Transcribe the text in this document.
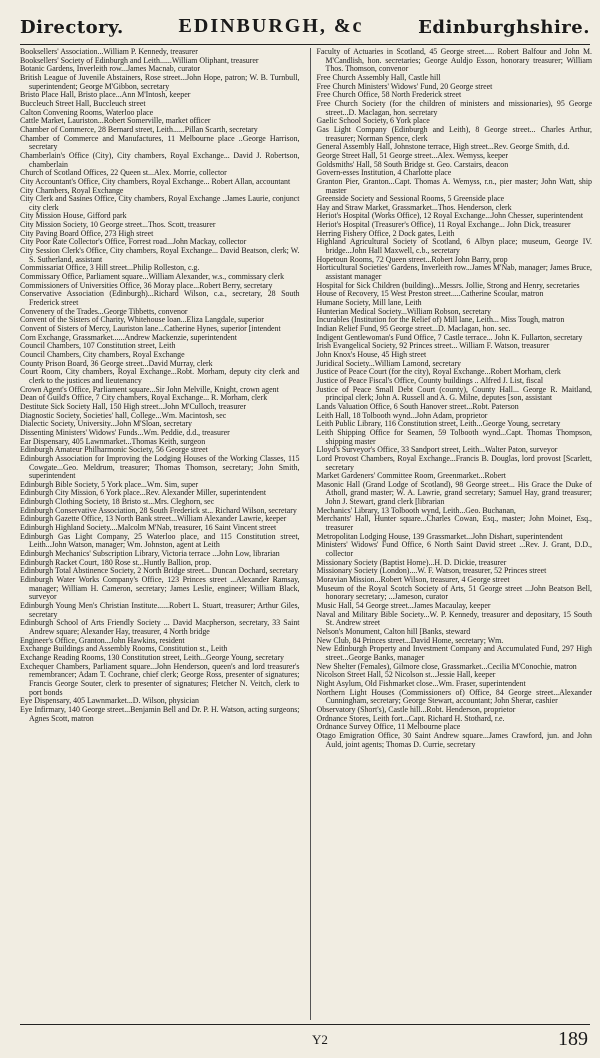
Directory.	EDINBURGH, &c	Edinburghshire.

Booksellers' Association...William P. Kennedy, treasurer

Booksellers' Society of Edinburgh and Leith......William Oliphant, treasurer

Botanic Gardens, Inverleith row...James Macnab, curator

British League of Juvenile Abstainers, Rose street...John Hope, patron; W. B. Turnbull, superintendent; George M'Gibbon, secretary

Bristo Place Hall, Bristo place...Ann M'Intosh, keeper

Buccleuch Street Hall, Buccleuch street

Calton Convening Rooms, Waterloo place

Cattle Market, Lauriston...Robert Somerville, market officer

Chamber of Commerce, 28 Bernard street, Leith......Pillan Scarth, secretary

Chamber of Commerce and Manufactures, 11 Melbourne place ..George Harrison, secretary

Chamberlain's Office (City), City chambers, Royal Exchange... David J. Robertson, chamberlain

Church of Scotland Offices, 22 Queen st...Alex. Morrie, collector

City Accountant's Office, City chambers, Royal Exchange... Robert Allan, accountant

City Chambers, Royal Exchange

City Clerk and Sasines Office, City chambers, Royal Exchange ..James Laurie, conjunct city clerk

City Mission House, Gifford park

City Mission Society, 10 George street...Thos. Scott, treasurer

City Paving Board Office, 273 High street

City Poor Rate Collector's Office, Forrest road...John Mackay, collector

City Session Clerk's Office, City chambers, Royal Exchange... David Beatson, clerk; W. S. Sutherland, assistant

Commissariat Office, 3 Hill street...Philip Rolleston, c.g.

Commissary Office, Parliament square...William Alexander, w.s., commissary clerk

Commissioners of Universities Office, 36 Moray place...Robert Berry, secretary

Conservative Association (Edinburgh)...Richard Wilson, c.a., secretary, 28 South Frederick street

Convenery of the Trades...George Tibbetts, convenor

Convent of the Sisters of Charity, Whitehouse loan...Eliza Langdale, superior

Convent of Sisters of Mercy, Lauriston lane...Catherine Hynes, superior [intendent

Corn Exchange, Grassmarket......Andrew Mackenzie, superintendent

Council Chambers, 107 Constitution street, Leith

Council Chambers, City chambers, Royal Exchange

County Prison Board, 36 George street...David Murray, clerk

Court Room, City chambers, Royal Exchange...Robt. Morham, deputy city clerk and clerk to the justices and lieutenancy

Crown Agent's Office, Parliament square...Sir John Melville, Knight, crown agent

Dean of Guild's Office, 7 City chambers, Royal Exchange... R. Morham, clerk

Destitute Sick Society Hall, 150 High street...John M'Culloch, treasurer

Diagnostic Society, Societies' hall, College...Wm. Macintosh, sec

Dialectic Society, University...John M'Sloan, secretary

Dissenting Ministers' Widows' Funds...Wm. Peddie, d.d., treasurer

Ear Dispensary, 405 Lawnmarket...Thomas Keith, surgeon

Edinburgh Amateur Philharmonic Society, 56 George street

Edinburgh Association for Improving the Lodging Houses of the Working Classes, 115 Cowgate...Geo. Meldrum, treasurer; Thomas Thomson, secretary; John Smith, superintendent

Edinburgh Bible Society, 5 York place...Wm. Sim, super

Edinburgh City Mission, 6 York place...Rev. Alexander Miller, superintendent

Edinburgh Clothing Society, 18 Bristo st...Mrs. Cleghorn, sec

Edinburgh Conservative Association, 28 South Frederick st... Richard Wilson, secretary

Edinburgh Gazette Office, 13 North Bank street...William Alexander Lawrie, keeper

Edinburgh Highland Society....Malcolm M'Nab, treasurer, 16 Saint Vincent street

Edinburgh Gas Light Company, 25 Waterloo place, and 115 Constitution street, Leith...John Watson, manager; Wm. Johnston, agent at Leith

Edinburgh Mechanics' Subscription Library, Victoria terrace ...John Low, librarian

Edinburgh Racket Court, 180 Rose st...Huntly Ballion, prop.

Edinburgh Total Abstinence Society, 2 North Bridge street... Duncan Dochard, secretary

Edinburgh Water Works Company's Office, 123 Princes street ...Alexander Ramsay, manager; William H. Cameron, secretary; James Leslie, engineer; William Black, surveyor

Edinburgh Young Men's Christian Institute......Robert L. Stuart, treasurer; Arthur Giles, secretary

Edinburgh School of Arts Friendly Society ... David Macpherson, secretary, 33 Saint Andrew square; Alexander Hay, treasurer, 4 North bridge

Engineer's Office, Granton...John Hawkins, resident

Exchange Buildings and Assembly Rooms, Constitution st., Leith

Exchange Reading Rooms, 130 Constitution street, Leith...George Young, secretary

Exchequer Chambers, Parliament square...John Henderson, queen's and lord treasurer's remembrancer; Adam T. Cochrane, chief clerk; George Ross, presenter of signatures; Francis George Souter, clerk to presenter of signatures; Fletcher N. Veitch, clerk to port bonds

Eye Dispensary, 405 Lawnmarket...D. Wilson, physician

Eye Infirmary, 140 George street...Benjamin Bell and Dr. P. H. Watson, acting surgeons; Agnes Scott, matron

Faculty of Actuaries in Scotland, 45 George street..... Robert Balfour and John M. M'Candlish, hon. secretaries; George Auldjo Esson, honorary treasurer; William Thos. Thomson, convenor

Free Church Assembly Hall, Castle hill

Free Church Ministers' Widows' Fund, 20 George street

Free Church Office, 58 North Frederick street

Free Church Society (for the children of ministers and missionaries), 95 George street...D. Maclagan, hon. secretary

Gaelic School Society, 6 York place

Gas Light Company (Edinburgh and Leith), 8 George street... Charles Arthur, treasurer; Norman Spence, clerk

General Assembly Hall, Johnstone terrace, High street...Rev. George Smith, d.d.

George Street Hall, 51 George street...Alex. Wemyss, keeper

Goldsmiths' Hall, 58 South Bridge st. Geo. Carstairs, deacon

Govern-esses Institution, 4 Charlotte place

Granton Pier, Granton...Capt. Thomas A. Wemyss, r.n., pier master; John Watt, ship master

Greenside Society and Sessional Rooms, 5 Greenside place

Hay and Straw Market, Grassmarket...Thos. Henderson, clerk

Heriot's Hospital (Works Office), 12 Royal Exchange...John Chesser, superintendent

Heriot's Hospital (Treasurer's Office), 11 Royal Exchange... John Dick, treasurer

Herring Fishery Office, 2 Dock gates, Leith

Highland Agricultural Society of Scotland, 6 Albyn place; museum, George IV. bridge...John Hall Maxwell, c.b., secretary

Hopetoun Rooms, 72 Queen street...Robert John Barry, prop

Horticultural Societies' Gardens, Inverleith row...James M'Nab, manager; James Bruce, assistant manager

Hospital for Sick Children (building)...Messrs. Jollie, Strong and Henry, secretaries

House of Recovery, 15 West Preston street.....Catherine Scoular, matron

Humane Society, Mill lane, Leith

Hunterian Medical Society...William Robson, secretary

Incurables (Institution for the Relief of) Mill lane, Leith... Miss Tough, matron

Indian Relief Fund, 95 George street...D. Maclagan, hon. sec.

Indigent Gentlewoman's Fund Office, 7 Castle terrace... John K. Fullarton, secretary

Irish Evangelical Society, 92 Princes street... William F. Watson, treasurer

John Knox's House, 45 High street

Juridical Society...William Lamond, secretary

Justice of Peace Court (for the city), Royal Exchange...Robert Morham, clerk

Justice of Peace Fiscal's Office, County buildings .. Alfred J. List, fiscal

Justice of Peace Small Debt Court (county), County Hall... George R. Maitland, principal clerk; John A. Russell and A. G. Milne, deputes [son, assistant

Lands Valuation Office, 6 South Hanover street...Robt. Paterson

Leith Hall, 18 Tolbooth wynd...John Adam, proprietor

Leith Public Library, 116 Constitution street, Leith...George Young, secretary

Leith Shipping Office for Seamen, 59 Tolbooth wynd...Capt. Thomas Thompson, shipping master

Lloyd's Surveyor's Office, 33 Sandport street, Leith...Walter Paton, surveyor

Lord Provost Chambers, Royal Exchange...Francis B. Douglas, lord provost [Scarlett, secretary

Market Gardeners' Committee Room, Greenmarket...Robert

Masonic Hall (Grand Lodge of Scotland), 98 George street... His Grace the Duke of Atholl, grand master; W. A. Lawrie, grand secretary; Samuel Hay, grand treasurer; John J. Stewart, grand clerk [librarian

Mechanics' Library, 13 Tolbooth wynd, Leith...Geo. Buchanan,

Merchants' Hall, Hunter square...Charles Cowan, Esq., master; John Moinet, Esq., treasurer

Metropolitan Lodging House, 139 Grassmarket...John Dishart, superintendent

Ministers' Widows' Fund Office, 6 North Saint David street ...Rev. J. Grant, D.D., collector

Missionary Society (Baptist Home)...H. D. Dickie, treasurer

Missionary Society (London)....W. F. Watson, treasurer, 52 Princes street

Moravian Mission...Robert Wilson, treasurer, 4 George street

Museum of the Royal Scotch Society of Arts, 51 George street ...John Beatson Bell, honorary secretary; ...Jameson, curator

Music Hall, 54 George street...James Macaulay, keeper

Naval and Military Bible Society...W. P. Kennedy, treasurer and depositary, 15 South St. Andrew street

Nelson's Monument, Calton hill [Banks, steward

New Club, 84 Princes street...David Home, secretary; Wm.

New Edinburgh Property and Investment Company and Accumulated Fund, 297 High street...George Banks, manager

New Shelter (Females), Gilmore close, Grassmarket...Cecilia M'Conochie, matron

Nicolson Street Hall, 52 Nicolson st...Jessie Hall, keeper

Night Asylum, Old Fishmarket close...Wm. Fraser, superintendent

Northern Light Houses (Commissioners of) Office, 84 George street...Alexander Cunningham, secretary; George Stewart, accountant; John Sherar, cashier

Observatory (Short's), Castle hill...Robt. Henderson, proprietor

Ordnance Stores, Leith fort...Capt. Richard H. Stothard, r.e.

Ordnance Survey Office, 11 Melbourne place

Otago Emigration Office, 30 Saint Andrew square...James Crawford, jun. and John Auld, joint agents; Thomas D. Currie, secretary

Y2	189
